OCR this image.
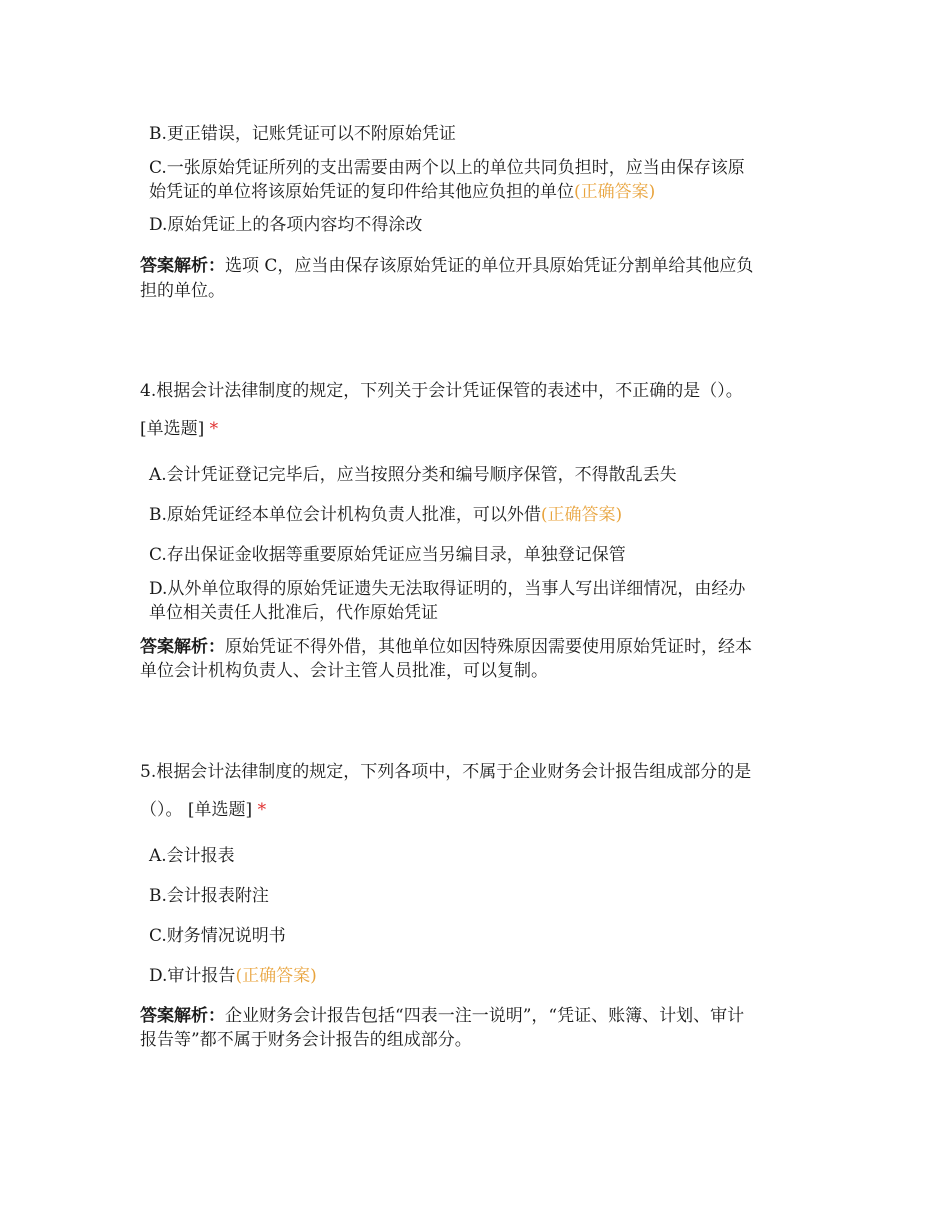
B.更正错误，记账凭证可以不附原始凭证
C.一张原始凭证所列的支出需要由两个以上的单位共同负担时，应当由保存该原
始凭证的单位将该原始凭证的复印件给其他应负担的单位(正确答案)
D.原始凭证上的各项内容均不得涂改
答案解析：选项 C，应当由保存该原始凭证的单位开具原始凭证分割单给其他应负
担的单位。
4.根据会计法律制度的规定，下列关于会计凭证保管的表述中，不正确的是（）。
[单选题] *
A.会计凭证登记完毕后，应当按照分类和编号顺序保管，不得散乱丢失
B.原始凭证经本单位会计机构负责人批准，可以外借(正确答案)
C.存出保证金收据等重要原始凭证应当另编目录，单独登记保管
D.从外单位取得的原始凭证遗失无法取得证明的，当事人写出详细情况，由经办
单位相关责任人批准后，代作原始凭证
答案解析：原始凭证不得外借，其他单位如因特殊原因需要使用原始凭证时，经本
单位会计机构负责人、会计主管人员批准，可以复制。
5.根据会计法律制度的规定，下列各项中，不属于企业财务会计报告组成部分的是
（）。 [单选题] *
A.会计报表
B.会计报表附注
C.财务情况说明书
D.审计报告(正确答案)
答案解析：企业财务会计报告包括“四表一注一说明”，“凭证、账簿、计划、审计
报告等”都不属于财务会计报告的组成部分。
